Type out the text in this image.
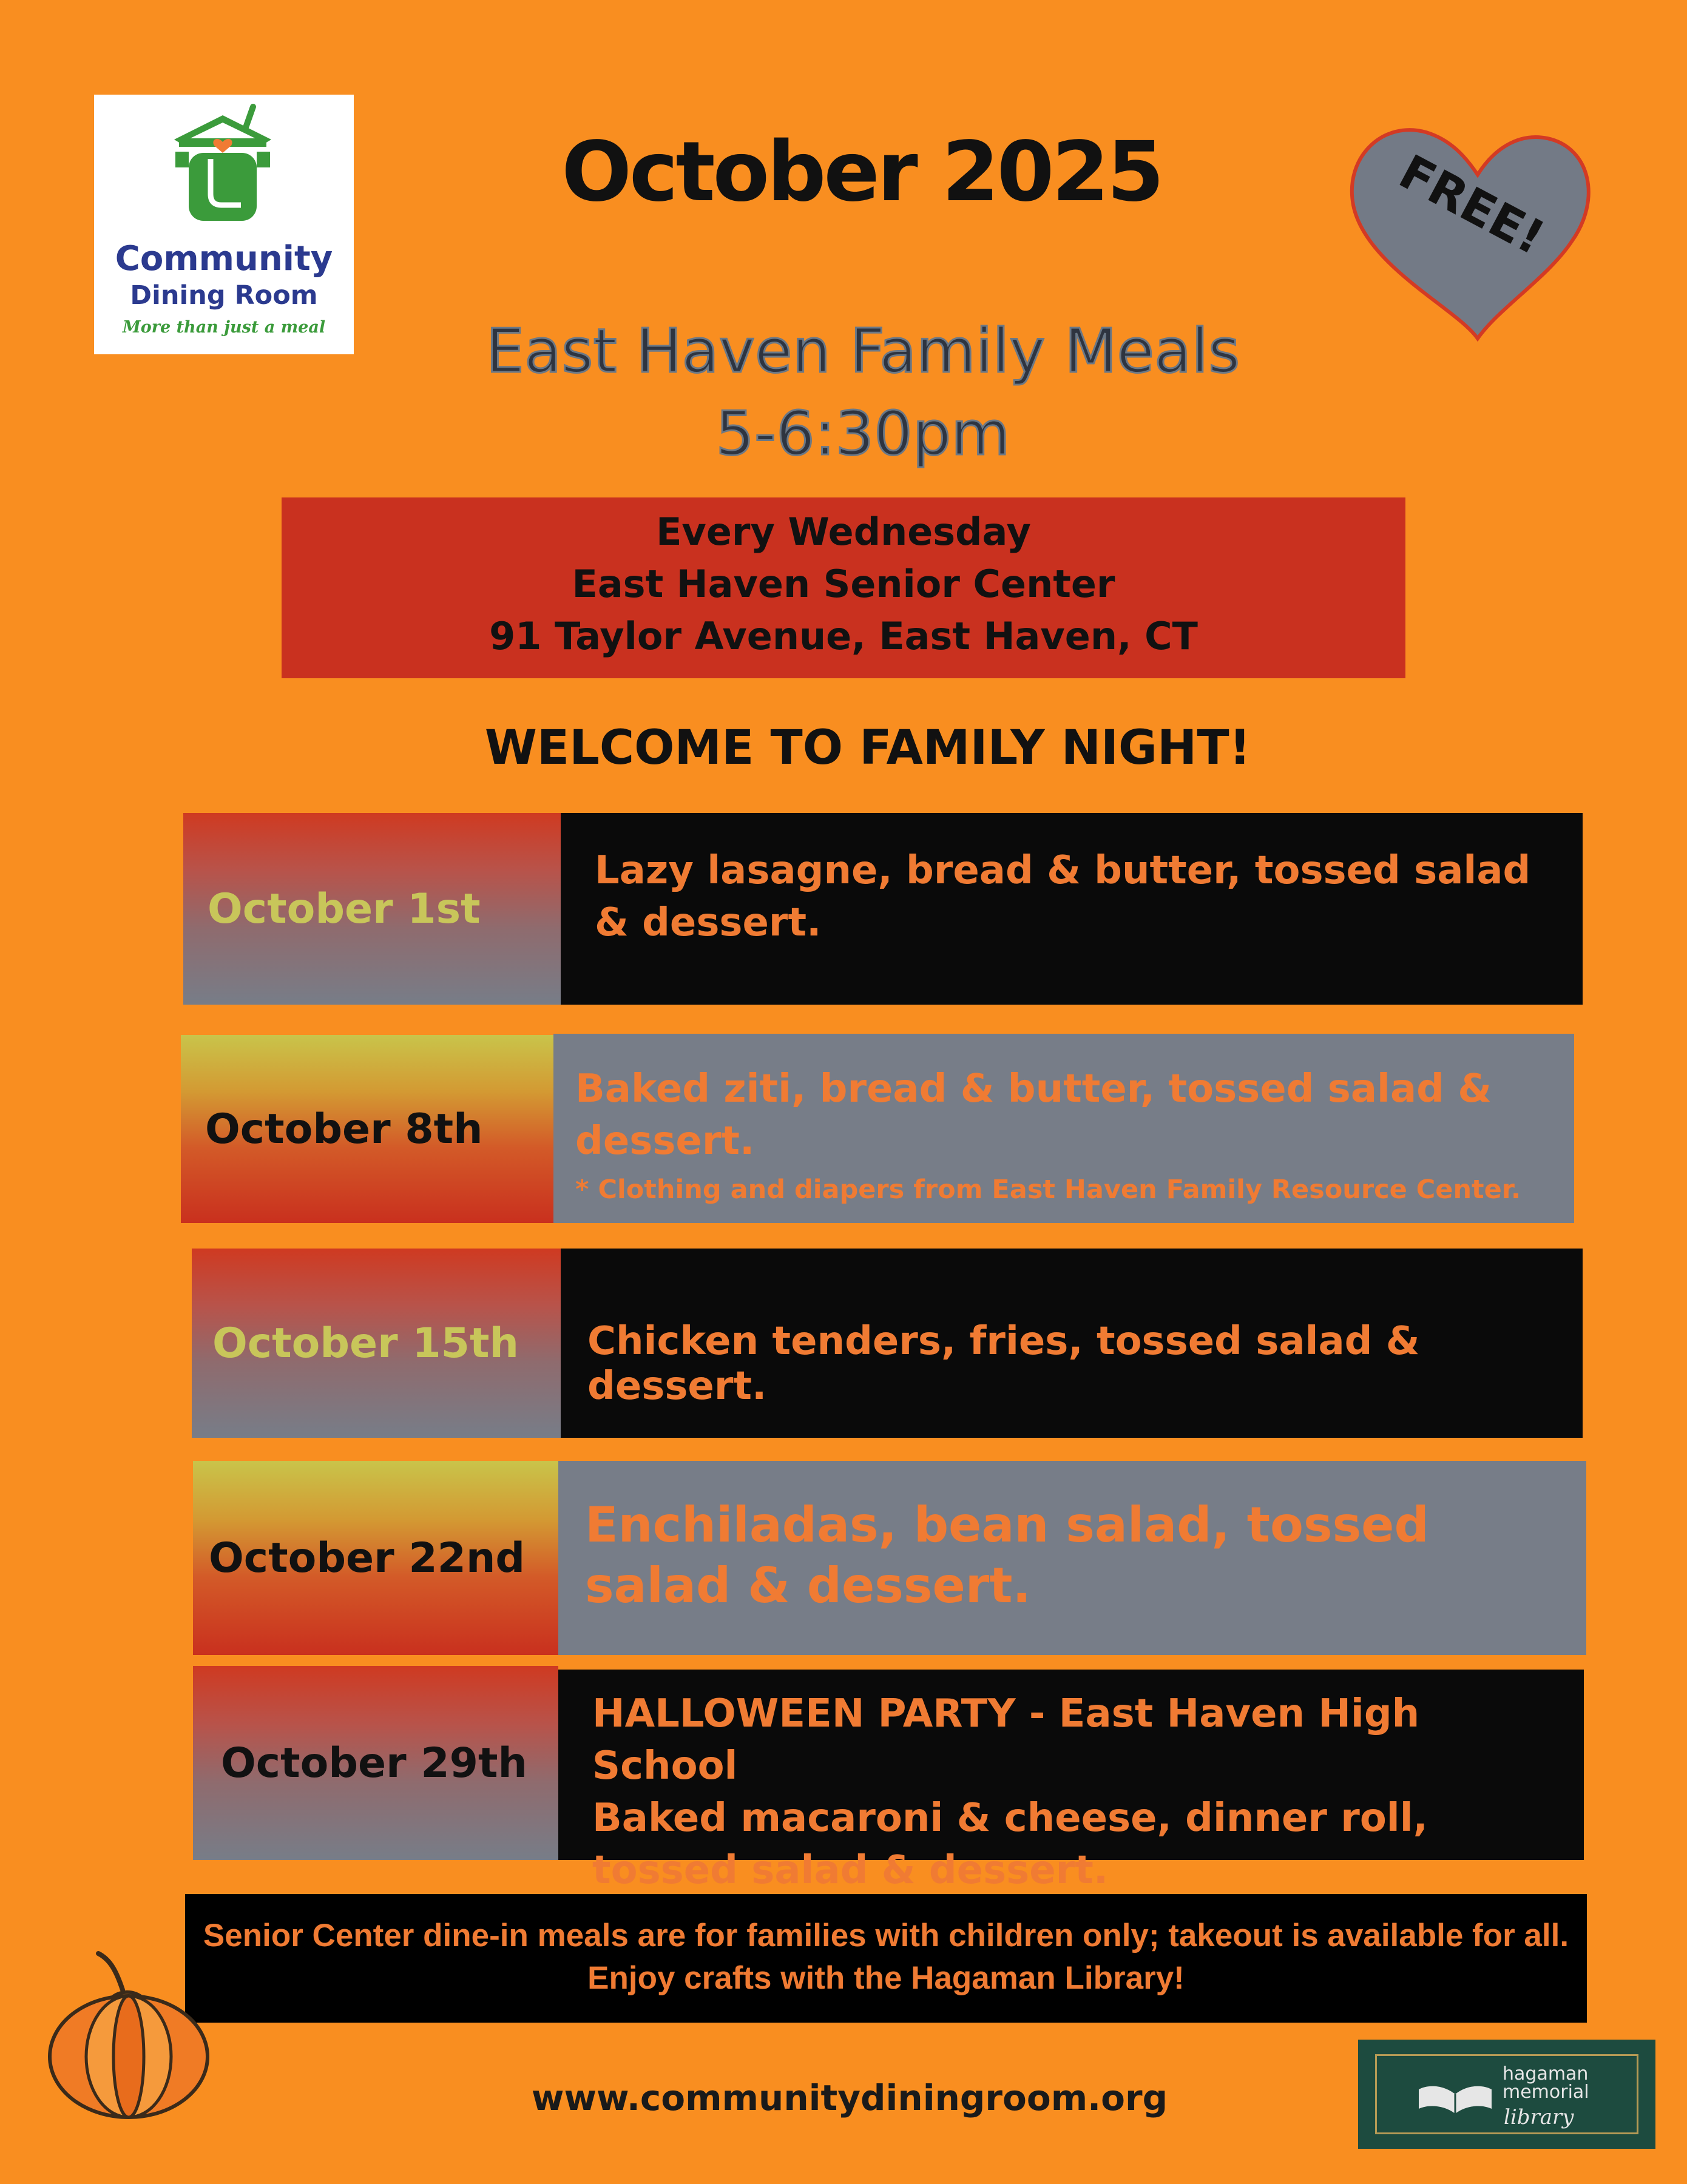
Community
Dining Room
More than just a meal
October 2025	FREE!
East Haven Family Meals
5-6:30pm
Every Wednesday
East Haven Senior Center
91 Taylor Avenue, East Haven, CT
WELCOME TO FAMILY NIGHT!
October 1st
Lazy lasagne, bread & butter, tossed salad & dessert.
October 8th
Baked ziti, bread & butter, tossed salad & dessert.
* Clothing and diapers from East Haven Family Resource Center.
October 15th	Chicken tenders, fries, tossed salad & dessert.
October 22nd
Enchiladas, bean salad, tossed salad & dessert.
October 29th
HALLOWEEN PARTY - East Haven High School
Baked macaroni & cheese, dinner roll, tossed salad & dessert.
Senior Center dine-in meals are for families with children only; takeout is available for all.
Enjoy crafts with the Hagaman Library!
www.communitydiningroom.org
hagaman
memorial
library
